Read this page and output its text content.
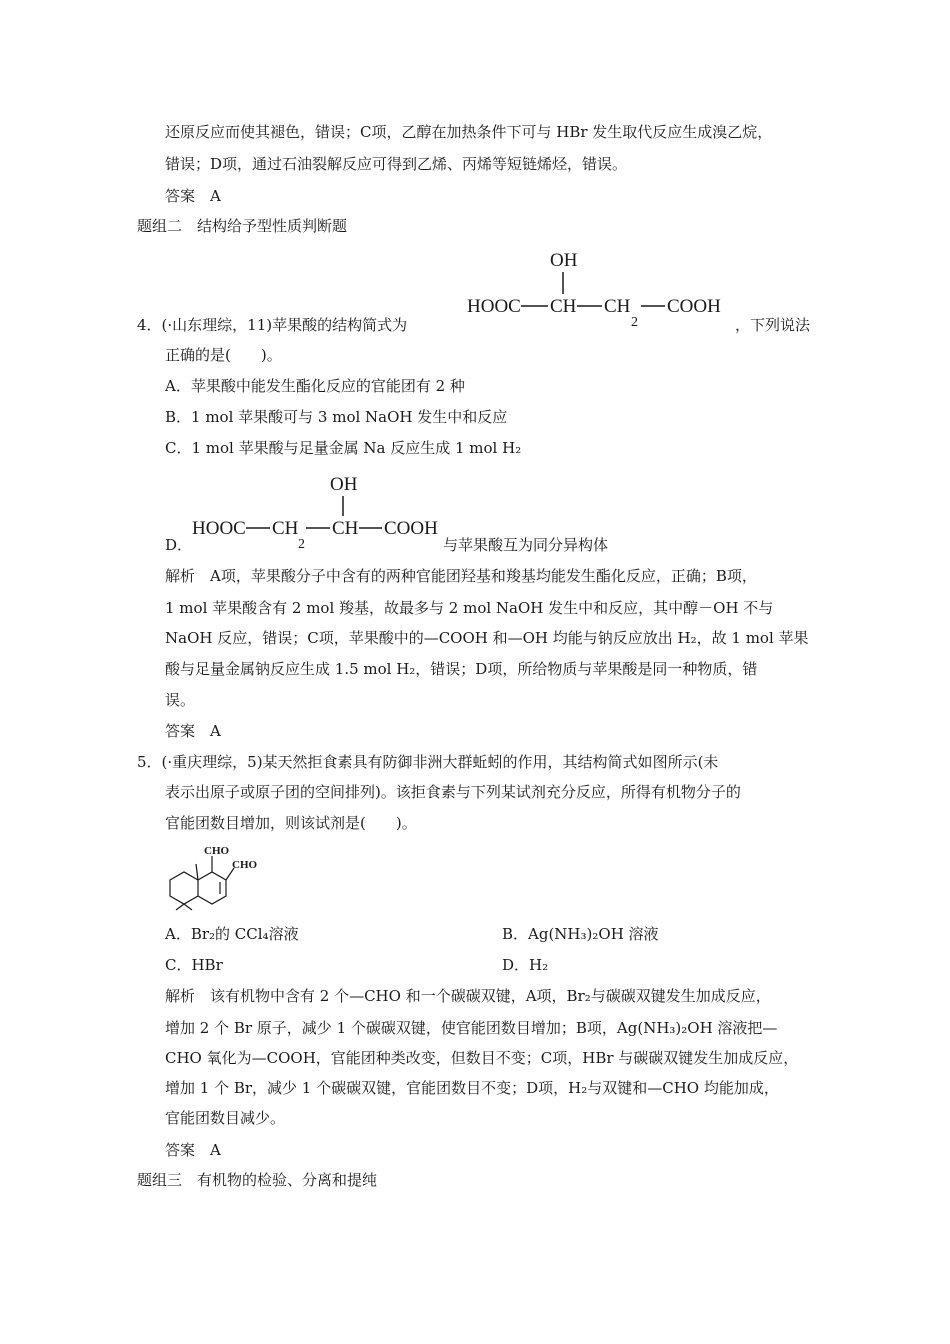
还原反应而使其褪色，错误；C项，乙醇在加热条件下可与 HBr 发生取代反应生成溴乙烷，
错误；D项，通过石油裂解反应可得到乙烯、丙烯等短链烯烃，错误。
答案　A
题组二　结构给予型性质判断题
4．(·山东理综，11)苹果酸的结构简式为
OH
HOOC CH CH
2
COOH
，下列说法
正确的是(　　)。
A．苹果酸中能发生酯化反应的官能团有 2 种
B．1 mol 苹果酸可与 3 mol NaOH 发生中和反应
C．1 mol 苹果酸与足量金属 Na 反应生成 1 mol H₂
D．
OH
HOOC CH
2
CH COOH
与苹果酸互为同分异构体
解析　A项，苹果酸分子中含有的两种官能团羟基和羧基均能发生酯化反应，正确；B项，
1 mol 苹果酸含有 2 mol 羧基，故最多与 2 mol NaOH 发生中和反应，其中醇－OH 不与
NaOH 反应，错误；C项，苹果酸中的—COOH 和—OH 均能与钠反应放出 H₂，故 1 mol 苹果
酸与足量金属钠反应生成 1.5 mol H₂，错误；D项，所给物质与苹果酸是同一种物质，错
误。
答案　A
5．(·重庆理综，5)某天然拒食素具有防御非洲大群蚯蚓的作用，其结构简式如图所示(未
表示出原子或原子团的空间排列)。该拒食素与下列某试剂充分反应，所得有机物分子的
官能团数目增加，则该试剂是(　　)。
CHO
CHO
A．Br₂的 CCl₄溶液	B．Ag(NH₃)₂OH 溶液
C．HBr	D．H₂
解析　该有机物中含有 2 个—CHO 和一个碳碳双键，A项，Br₂与碳碳双键发生加成反应，
增加 2 个 Br 原子，减少 1 个碳碳双键，使官能团数目增加；B项，Ag(NH₃)₂OH 溶液把—
CHO 氧化为—COOH，官能团种类改变，但数目不变；C项，HBr 与碳碳双键发生加成反应，
增加 1 个 Br，减少 1 个碳碳双键，官能团数目不变；D项，H₂与双键和—CHO 均能加成，
官能团数目减少。
答案　A
题组三　有机物的检验、分离和提纯
